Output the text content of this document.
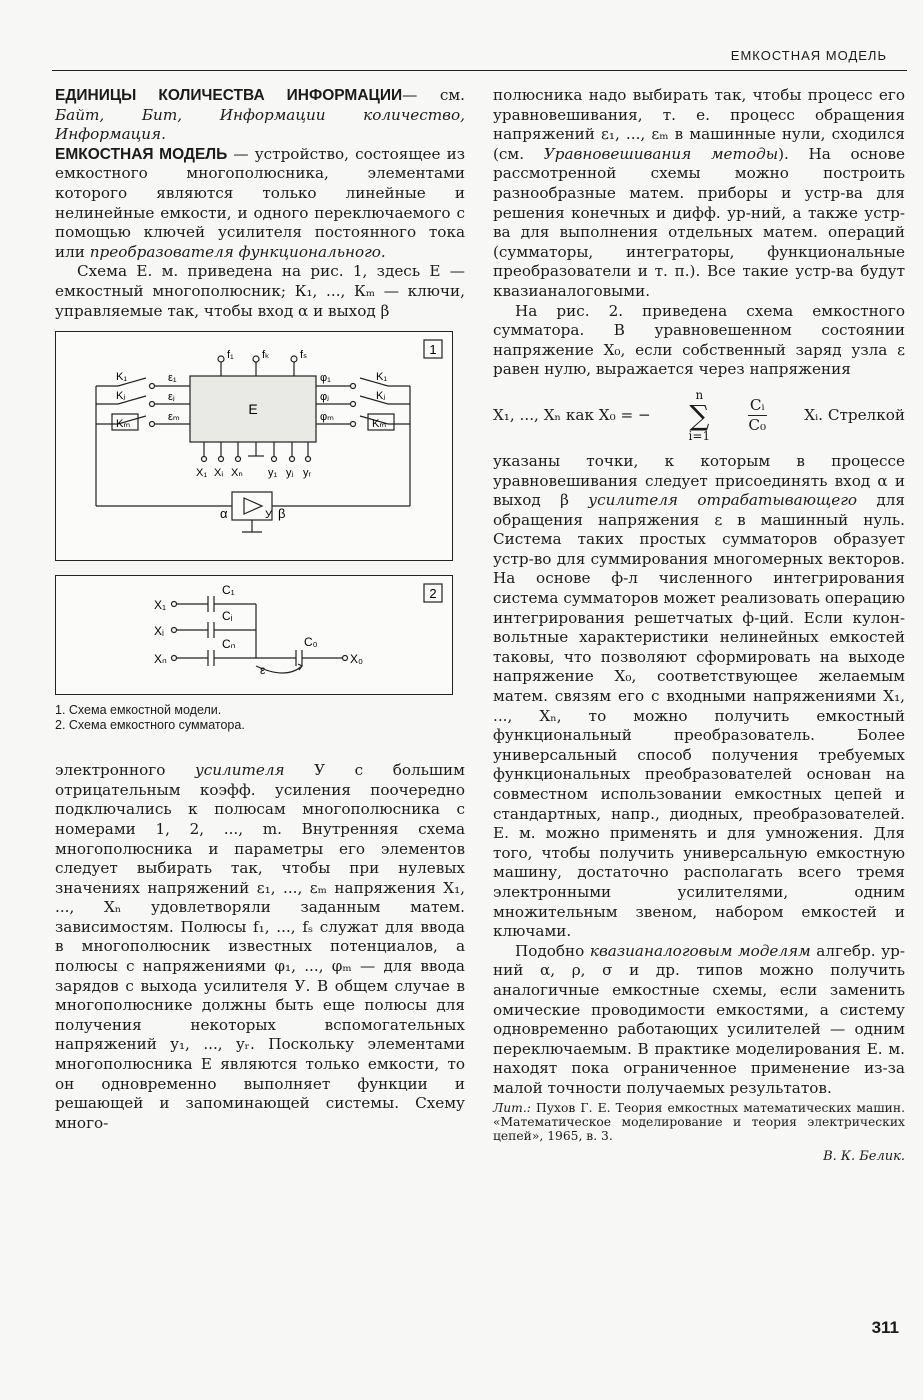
ЕМКОСТНАЯ МОДЕЛЬ

ЕДИНИЦЫ КОЛИЧЕСТВА ИНФОРМАЦИИ— см. Байт, Бит, Информации количество, Информация.

ЕМКОСТНАЯ МОДЕЛЬ — устройство, состоящее из емкостного многополюсника, элементами которого являются только линейные и нелинейные емкости, и одного переключаемого с помощью ключей усилителя постоянного тока или преобразователя функционального.

Схема Е. м. приведена на рис. 1, здесь Е — емкостный многополюсник; К₁, ..., Кₘ — ключи, управляемые так, чтобы вход α и выход β

1
E
f₁	fₖ	fₛ
K₁
Kⱼ
Kₘ
ε₁
εⱼ
εₘ
K₁
Kⱼ
Kₘ
φ₁
φⱼ
φₘ
X₁ Xᵢ Xₙ y₁ yⱼ yᵣ
У
α	β
2
X₁
Xᵢ
Xₙ
C₁
Cᵢ
Cₙ	C₀
ε
X₀
1. Схема емкостной модели.
2. Схема емкостного сумматора.

электронного усилителя У с большим отрицательным коэфф. усиления поочередно подключались к полюсам многополюсника с номерами 1, 2, ..., m. Внутренняя схема многополюсника и параметры его элементов следует выбирать так, чтобы при нулевых значениях напряжений ε₁, ..., εₘ напряжения X₁, ..., Xₙ удовлетворяли заданным матем. зависимостям. Полюсы f₁, ..., fₛ служат для ввода в многополюсник известных потенциалов, а полюсы с напряжениями φ₁, ..., φₘ — для ввода зарядов с выхода усилителя У. В общем случае в многополюснике должны быть еще полюсы для получения некоторых вспомогательных напряжений y₁, ..., yᵣ. Поскольку элементами многополюсника Е являются только емкости, то он одновременно выполняет функции и решающей и запоминающей системы. Схему много-

полюсника надо выбирать так, чтобы процесс его уравновешивания, т. е. процесс обращения напряжений ε₁, ..., εₘ в машинные нули, сходился (см. Уравновешивания методы). На основе рассмотренной схемы можно построить разнообразные матем. приборы и устр-ва для решения конечных и дифф. ур-ний, а также устр-ва для выполнения отдельных матем. операций (сумматоры, интеграторы, функциональные преобразователи и т. п.). Все такие устр-ва будут квазианалоговыми.

На рис. 2. приведена схема емкостного сумматора. В уравновешенном состоянии напряжение X₀, если собственный заряд узла ε равен нулю, выражается через напряжения

X₁, ..., Xₙ как X₀ = −
n
∑
$i=1 \frac{\text{Cᵢ}}{\text{C₀}}$ Xᵢ. Стрелкой

указаны точки, к которым в процессе уравновешивания следует присоединять вход α и выход β усилителя отрабатывающего для обращения напряжения ε в машинный нуль. Система таких простых сумматоров образует устр-во для суммирования многомерных векторов. На основе ф-л численного интегрирования система сумматоров может реализовать операцию интегрирования решетчатых ф-ций. Если кулон-вольтные характеристики нелинейных емкостей таковы, что позволяют сформировать на выходе напряжение X₀, соответствующее желаемым матем. связям его с входными напряжениями X₁, ..., Xₙ, то можно получить емкостный функциональный преобразователь. Более универсальный способ получения требуемых функциональных преобразователей основан на совместном использовании емкостных цепей и стандартных, напр., диодных, преобразователей. Е. м. можно применять и для умножения. Для того, чтобы получить универсальную емкостную машину, достаточно располагать всего тремя электронными усилителями, одним множительным звеном, набором емкостей и ключами.

Подобно квазианалоговым моделям алгебр. ур-ний α, ρ, σ и др. типов можно получить аналогичные емкостные схемы, если заменить омические проводимости емкостями, а систему одновременно работающих усилителей — одним переключаемым. В практике моделирования Е. м. находят пока ограниченное применение из-за малой точности получаемых результатов.

Лит.: Пухов Г. Е. Теория емкостных математических машин. «Математическое моделирование и теория электрических цепей», 1965, в. 3.

В. К. Белик.
311
